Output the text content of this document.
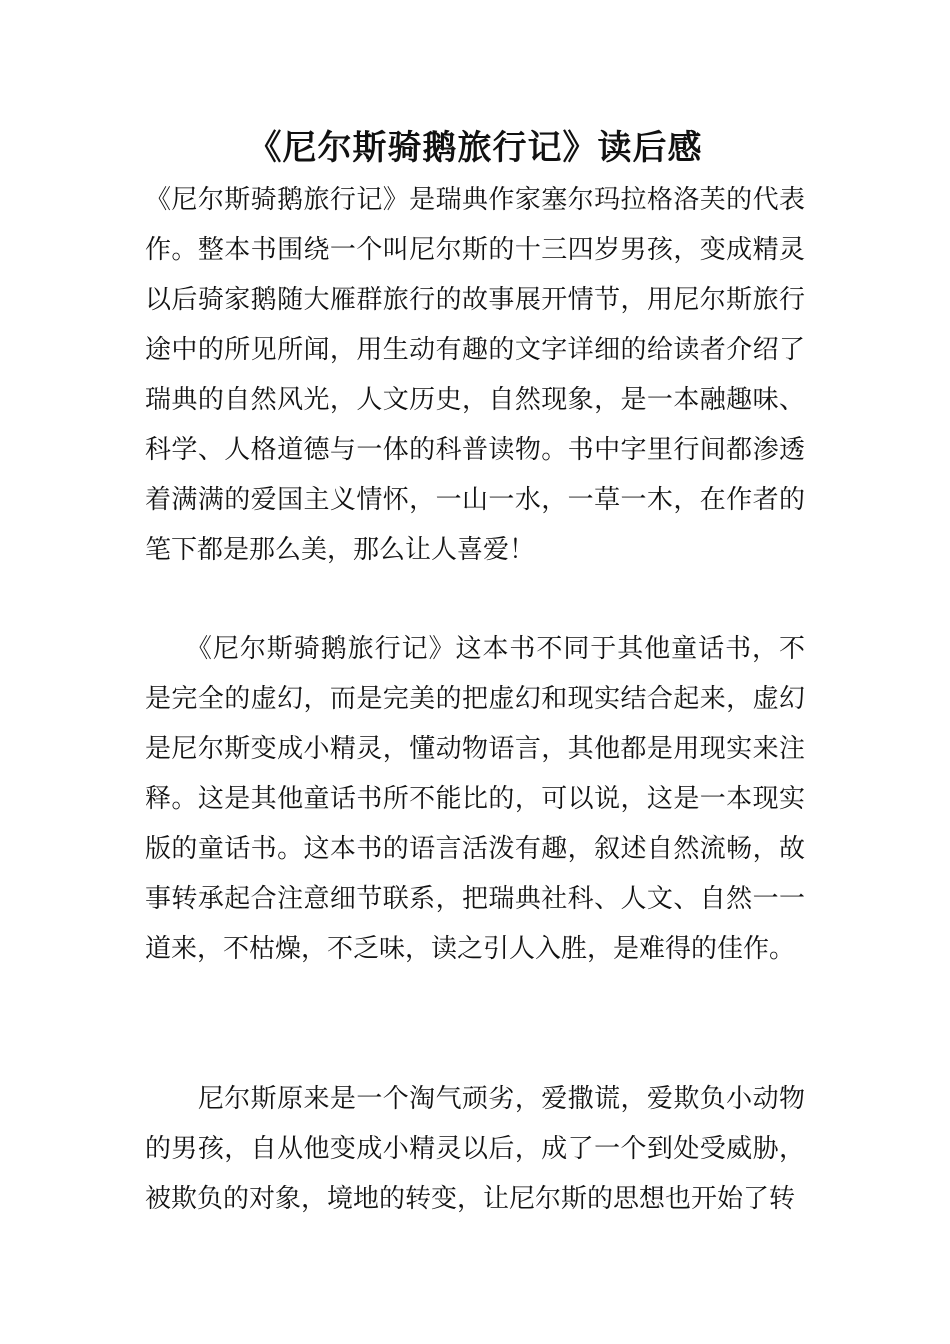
《尼尔斯骑鹅旅行记》读后感

《尼尔斯骑鹅旅行记》是瑞典作家塞尔玛拉格洛芙的代表作。整本书围绕一个叫尼尔斯的十三四岁男孩，变成精灵以后骑家鹅随大雁群旅行的故事展开情节，用尼尔斯旅行途中的所见所闻，用生动有趣的文字详细的给读者介绍了瑞典的自然风光，人文历史，自然现象，是一本融趣味、科学、人格道德与一体的科普读物。书中字里行间都渗透着满满的爱国主义情怀，一山一水，一草一木，在作者的笔下都是那么美，那么让人喜爱！

　　《尼尔斯骑鹅旅行记》这本书不同于其他童话书，不是完全的虚幻，而是完美的把虚幻和现实结合起来，虚幻是尼尔斯变成小精灵，懂动物语言，其他都是用现实来注释。这是其他童话书所不能比的，可以说，这是一本现实版的童话书。这本书的语言活泼有趣，叙述自然流畅，故事转承起合注意细节联系，把瑞典社科、人文、自然一一道来，不枯燥，不乏味，读之引人入胜，是难得的佳作。

　　尼尔斯原来是一个淘气顽劣，爱撒谎，爱欺负小动物的男孩，自从他变成小精灵以后，成了一个到处受威胁，被欺负的对象，境地的转变，让尼尔斯的思想也开始了转
